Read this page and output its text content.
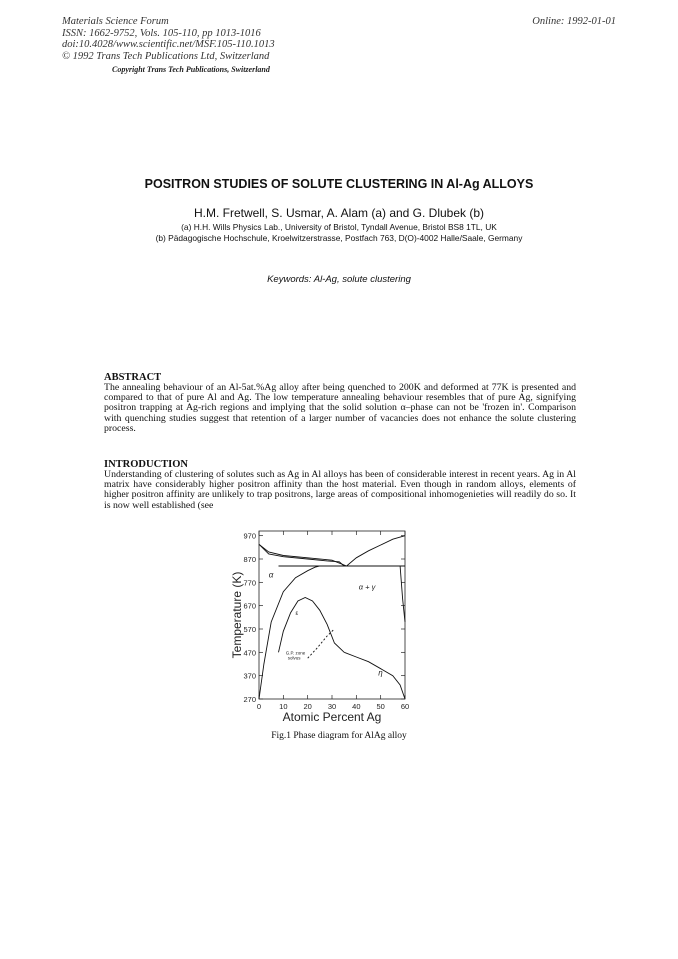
Materials Science Forum
ISSN: 1662-9752, Vols. 105-110, pp 1013-1016
doi:10.4028/www.scientific.net/MSF.105-110.1013
© 1992 Trans Tech Publications Ltd, Switzerland
Online: 1992-01-01
Copyright Trans Tech Publications, Switzerland
POSITRON STUDIES OF SOLUTE CLUSTERING IN Al-Ag ALLOYS
H.M. Fretwell, S. Usmar, A. Alam (a) and G. Dlubek (b)
(a) H.H. Wills Physics Lab., University of Bristol, Tyndall Avenue, Bristol BS8 1TL, UK
(b) Pädagogische Hochschule, Kroelwitzerstrasse, Postfach 763, D(O)-4002 Halle/Saale, Germany
Keywords: Al-Ag, solute clustering
ABSTRACT

The annealing behaviour of an Al-5at.%Ag alloy after being quenched to 200K and deformed at 77K is presented and compared to that of pure Al and Ag. The low temperature annealing behaviour resembles that of pure Ag, signifying positron trapping at Ag-rich regions and implying that the solid solution α–phase can not be 'frozen in'. Comparison with quenching studies suggest that retention of a larger number of vacancies does not enhance the solute clustering process.

INTRODUCTION

Understanding of clustering of solutes such as Ag in Al alloys has been of considerable interest in recent years. Ag in Al matrix have considerably higher positron affinity than the host material. Even though in random alloys, elements of higher positron affinity are unlikely to trap positrons, large areas of compositional inhomogenieties will readily do so. It is now well established (see

970
870
770
670
570
470
370
270
0 10 20 30 40 50 60
α
α + γ
ε
η
G.P. zone
solvus
Atomic Percent Ag
Temperature (K)
Fig.1 Phase diagram for AlAg alloy
